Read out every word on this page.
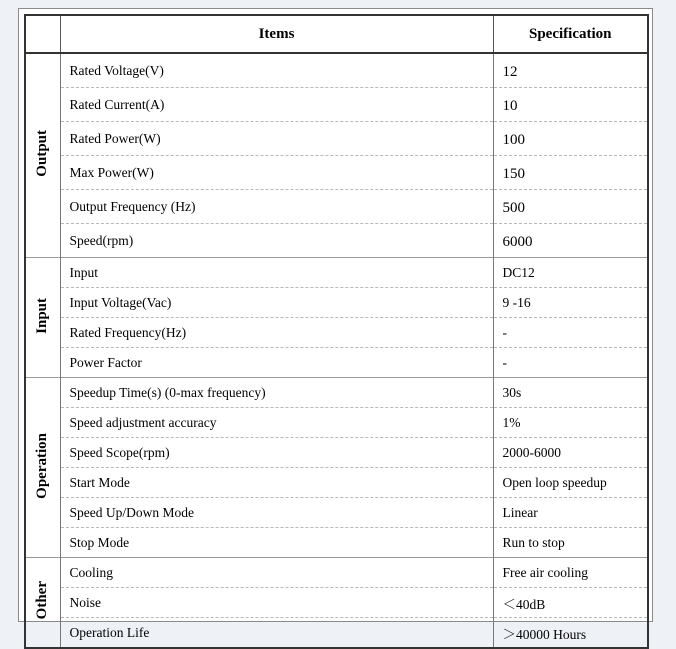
	Items	Specification
Output	Rated Voltage(V)	12
	Rated Current(A)	10
	Rated Power(W)	100
	Max Power(W)	150
	Output Frequency (Hz)	500
	Speed(rpm)	6000
Input	Input	DC12
	Input Voltage(Vac)	9 -16
	Rated Frequency(Hz)	-
	Power Factor	-
Operation	Speedup Time(s) (0-max frequency)	30s
	Speed adjustment accuracy	1%
	Speed Scope(rpm)	2000-6000
	Start Mode	Open loop speedup
	Speed Up/Down Mode	Linear
	Stop Mode	Run to stop
Other	Cooling	Free air cooling
	Noise	＜40dB
	Operation Life	＞40000 Hours
